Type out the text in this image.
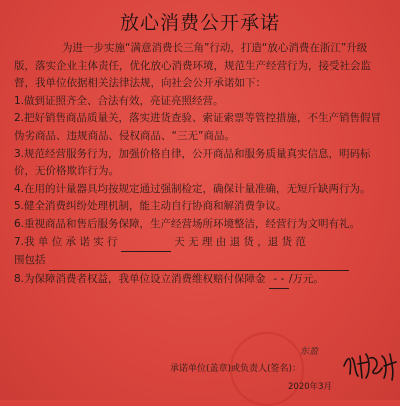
放心消费公开承诺
为进一步实施“满意消费长三角”行动，打造“放心消费在浙江”升级版，落实企业主体责任，优化放心消费环境，规范生产经营行为，接受社会监督，我单位依据相关法律法规，向社会公开承诺如下：
1.做到证照齐全、合法有效，亮证亮照经营。
2.把好销售商品质量关，落实进货查验、索证索票等管控措施，不生产销售假冒伪劣商品、违规商品、侵权商品、“三无”商品。
3.规范经营服务行为，加强价格自律，公开商品和服务质量真实信息，明码标价，无价格欺诈行为。
4.在用的计量器具均按规定通过强制检定，确保计量准确，无短斤缺两行为。
5.健全消费纠纷处理机制，能主动自行协商和解消费争议。
6.重视商品和售后服务保障，生产经营场所环境整洁，经营行为文明有礼。
7.我 单 位 承 诺 实 行	天 无 理 由 退 货 ，退 货 范
围包括
8.为保障消费者权益，我单位设立消费维权赔付保障金 - - /万元。
东盈
承诺单位(盖章)或负责人(签名)：
2020年3月
